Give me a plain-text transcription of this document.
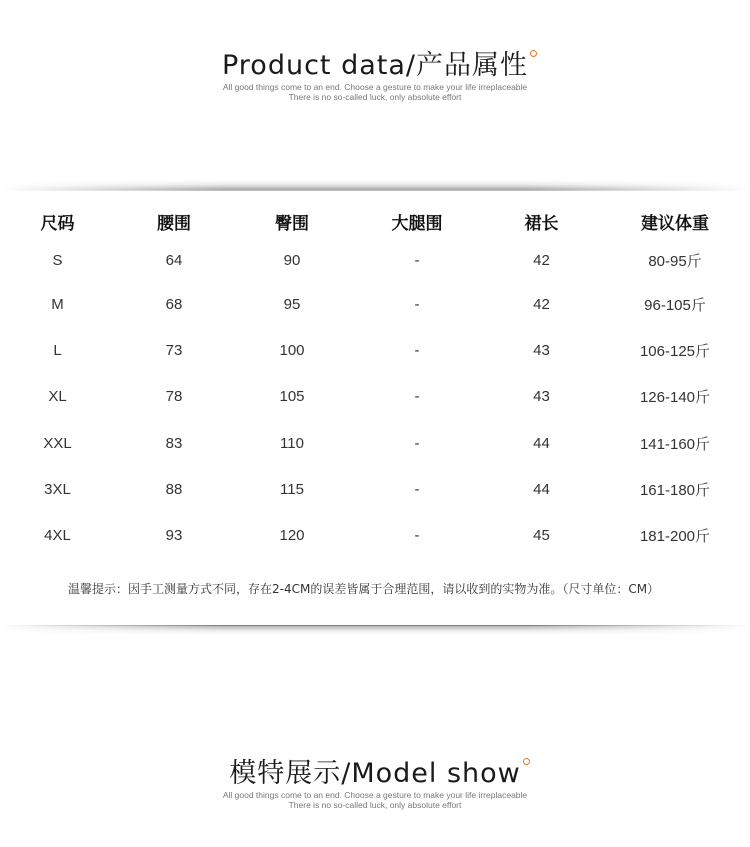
Product data/产品属性
All good things come to an end. Choose a gesture to make your life irreplaceable
There is no so-called luck, only absolute effort
尺码	腰围	臀围	大腿围	裙长	建议体重
S	64	90	-	42	80-95斤
M	68	95	-	42	96-105斤
L	73	100	-	43	106-125斤
XL	78	105	-	43	126-140斤
XXL	83	110	-	44	141-160斤
3XL	88	115	-	44	161-180斤
4XL	93	120	-	45	181-200斤
温馨提示：因手工测量方式不同，存在2-4CM的误差皆属于合理范围，请以收到的实物为准。（尺寸单位：CM）
模特展示/Model show
All good things come to an end. Choose a gesture to make your life irreplaceable
There is no so-called luck, only absolute effort
